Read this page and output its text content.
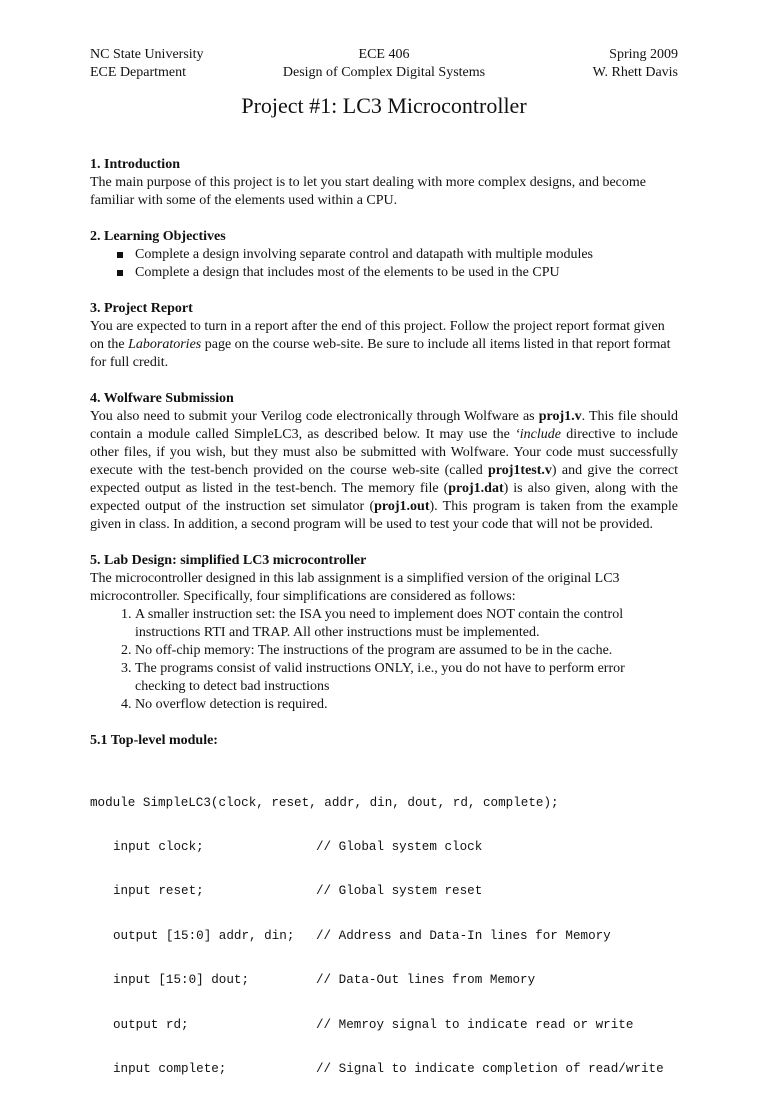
NC State University	ECE 406	Spring 2009
ECE Department	Design of Complex Digital Systems	W. Rhett Davis
Project #1: LC3 Microcontroller

1. Introduction

The main purpose of this project is to let you start dealing with more complex designs, and become familiar with some of the elements used within a CPU.

2. Learning Objectives

Complete a design involving separate control and datapath with multiple modules
Complete a design that includes most of the elements to be used in the CPU

3. Project Report

You are expected to turn in a report after the end of this project. Follow the project report format given on the Laboratories page on the course web-site. Be sure to include all items listed in that report format for full credit.

4. Wolfware Submission

You also need to submit your Verilog code electronically through Wolfware as proj1.v. This file should contain a module called SimpleLC3, as described below. It may use the ‘include directive to include other files, if you wish, but they must also be submitted with Wolfware. Your code must successfully execute with the test-bench provided on the course web-site (called proj1test.v) and give the correct expected output as listed in the test-bench. The memory file (proj1.dat) is also given, along with the expected output of the instruction set simulator (proj1.out). This program is taken from the example given in class. In addition, a second program will be used to test your code that will not be provided.

5. Lab Design: simplified LC3 microcontroller

The microcontroller designed in this lab assignment is a simplified version of the original LC3 microcontroller. Specifically, four simplifications are considered as follows:

1. A smaller instruction set: the ISA you need to implement does NOT contain the control instructions RTI and TRAP. All other instructions must be implemented.
2. No off-chip memory: The instructions of the program are assumed to be in the cache.
3. The programs consist of valid instructions ONLY, i.e., you do not have to perform error checking to detect bad instructions
4. No overflow detection is required.

5.1 Top-level module:

module SimpleLC3(clock, reset, addr, din, dout, rd, complete);

input clock;	// Global system clock

input reset;	// Global system reset

output [15:0] addr, din; // Address and Data-In lines for Memory

input [15:0] dout;	// Data-Out lines from Memory

output rd;	// Memroy signal to indicate read or write

input complete;	// Signal to indicate completion of read/write
